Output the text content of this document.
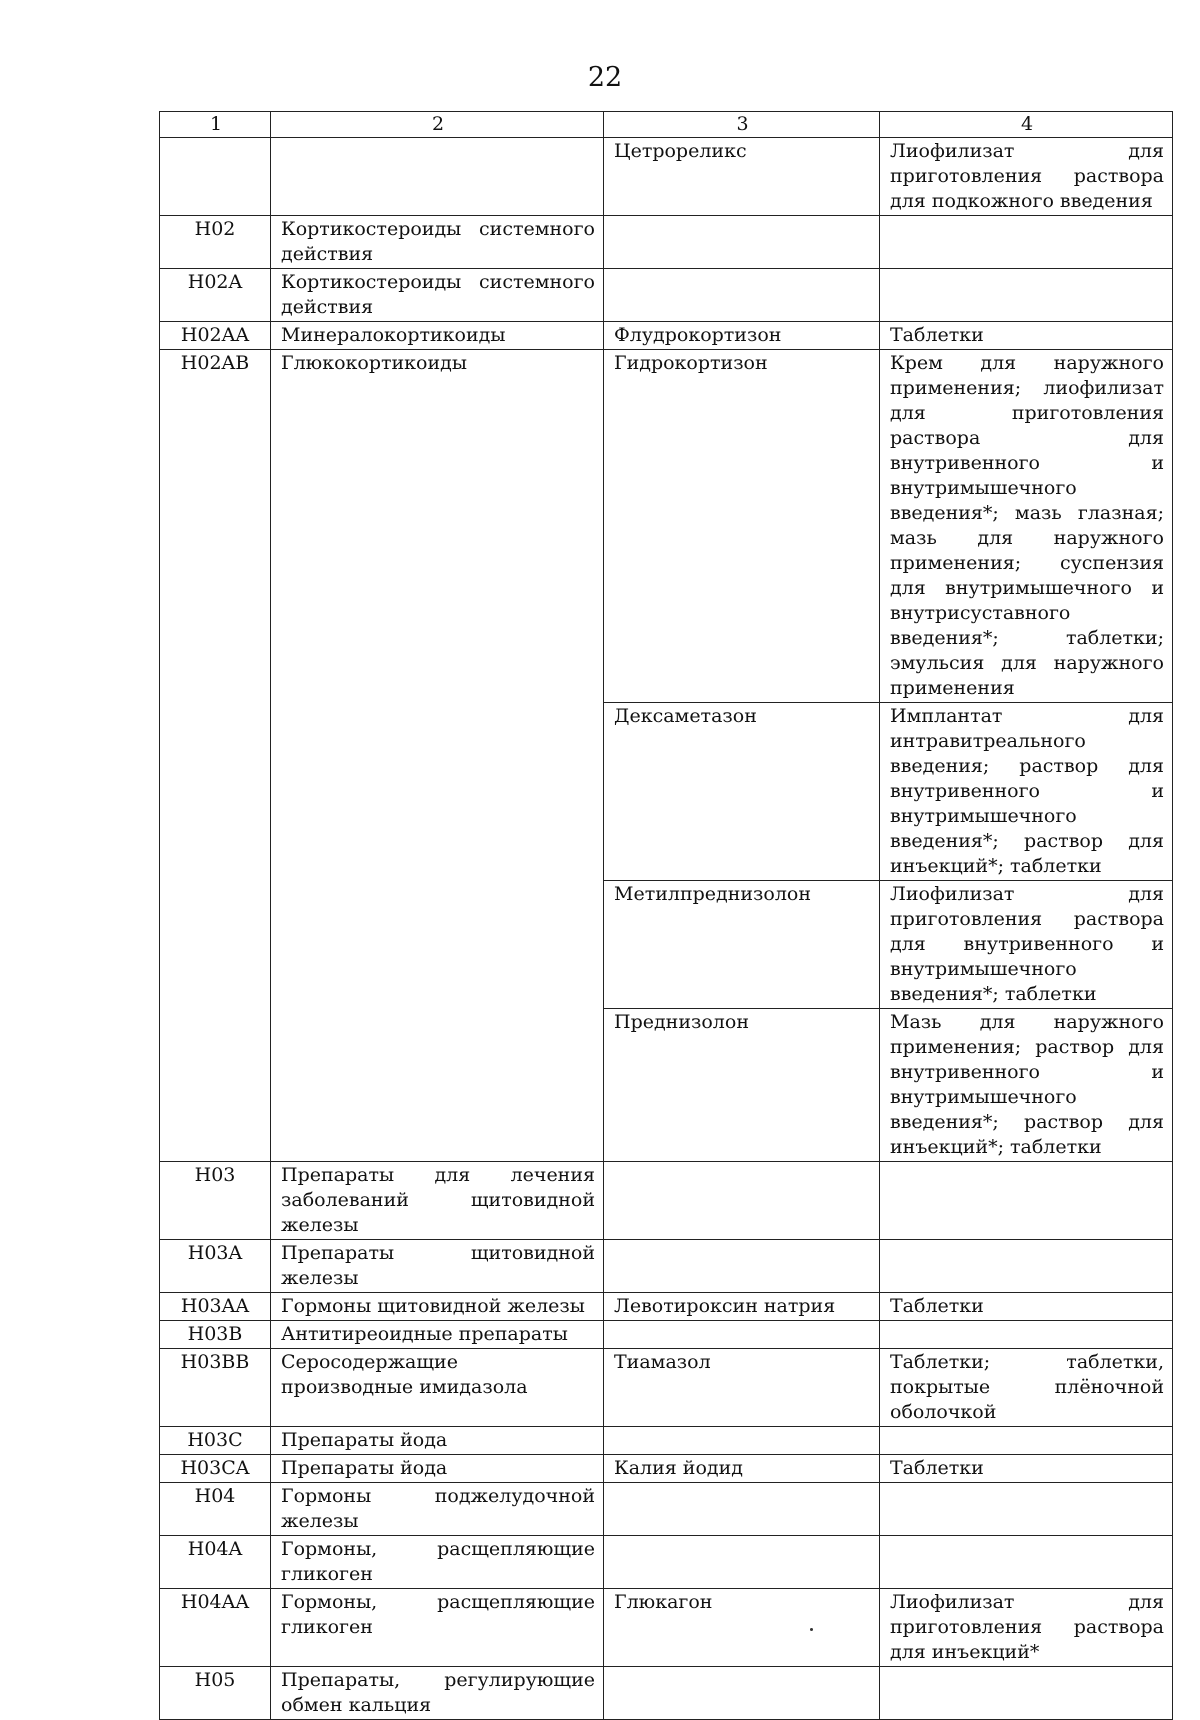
22
1	2	3	4
		Цетрореликс	Лиофилизат для приготовления раствора для подкожного введения
H02	Кортикостероиды системного действия		
H02A	Кортикостероиды системного действия		
H02AA	Минералокортикоиды	Флудрокортизон	Таблетки
H02AB	Глюкокортикоиды	Гидрокортизон	Крем для наружного применения; лиофилизат для приготовления раствора для внутривенного и внутримышечного введения*; мазь глазная; мазь для наружного применения; суспензия для внутримышечного и внутрисуставного введения*; таблетки; эмульсия для наружного применения
		Дексаметазон	Имплантат для интравитреального введения; раствор для внутривенного и внутримышечного введения*; раствор для инъекций*; таблетки
		Метилпреднизолон	Лиофилизат для приготовления раствора для внутривенного и внутримышечного введения*; таблетки
		Преднизолон	Мазь для наружного применения; раствор для внутривенного и внутримышечного введения*; раствор для инъекций*; таблетки
H03	Препараты для лечения заболеваний щитовидной железы		
H03A	Препараты щитовидной железы		
H03AA	Гормоны щитовидной железы	Левотироксин натрия	Таблетки
H03B	Антитиреоидные препараты		
H03BB	Серосодержащие производные имидазола	Тиамазол	Таблетки; таблетки, покрытые плёночной оболочкой
H03C	Препараты йода		
H03CA	Препараты йода	Калия йодид	Таблетки
H04	Гормоны поджелудочной железы		
H04A	Гормоны, расщепляющие гликоген		
H04AA	Гормоны, расщепляющие гликоген	Глюкагон	Лиофилизат для приготовления раствора для инъекций*
H05	Препараты, регулирующие обмен кальция		
